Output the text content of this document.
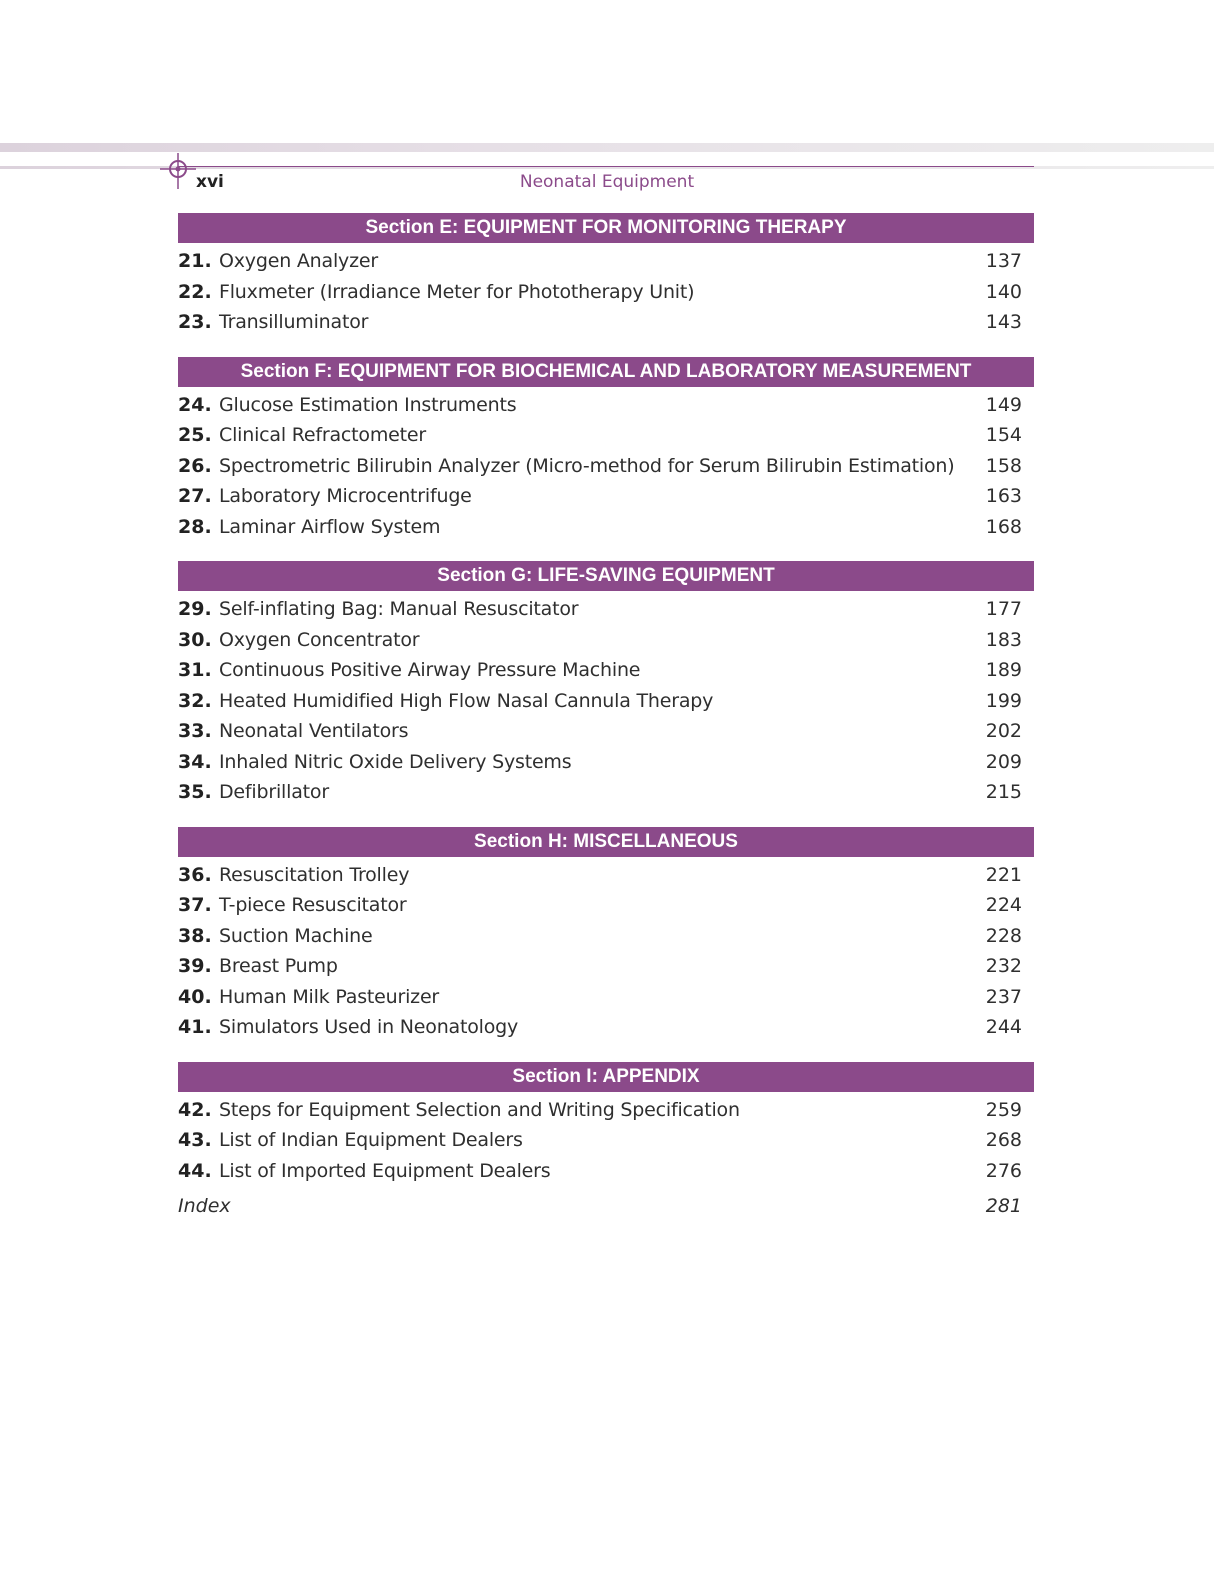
xvi	Neonatal Equipment
Section E: EQUIPMENT FOR MONITORING THERAPY
21. Oxygen Analyzer	137
22. Fluxmeter (Irradiance Meter for Phototherapy Unit)	140
23. Transilluminator	143
Section F: EQUIPMENT FOR BIOCHEMICAL AND LABORATORY MEASUREMENT
24. Glucose Estimation Instruments	149
25. Clinical Refractometer	154
26. Spectrometric Bilirubin Analyzer (Micro-method for Serum Bilirubin Estimation)	158
27. Laboratory Microcentrifuge	163
28. Laminar Airflow System	168
Section G: LIFE-SAVING EQUIPMENT
29. Self-inflating Bag: Manual Resuscitator	177
30. Oxygen Concentrator	183
31. Continuous Positive Airway Pressure Machine	189
32. Heated Humidified High Flow Nasal Cannula Therapy	199
33. Neonatal Ventilators	202
34. Inhaled Nitric Oxide Delivery Systems	209
35. Defibrillator	215
Section H: MISCELLANEOUS
36. Resuscitation Trolley	221
37. T-piece Resuscitator	224
38. Suction Machine	228
39. Breast Pump	232
40. Human Milk Pasteurizer	237
41. Simulators Used in Neonatology	244
Section I: APPENDIX
42. Steps for Equipment Selection and Writing Specification	259
43. List of Indian Equipment Dealers	268
44. List of Imported Equipment Dealers	276
Index	281
